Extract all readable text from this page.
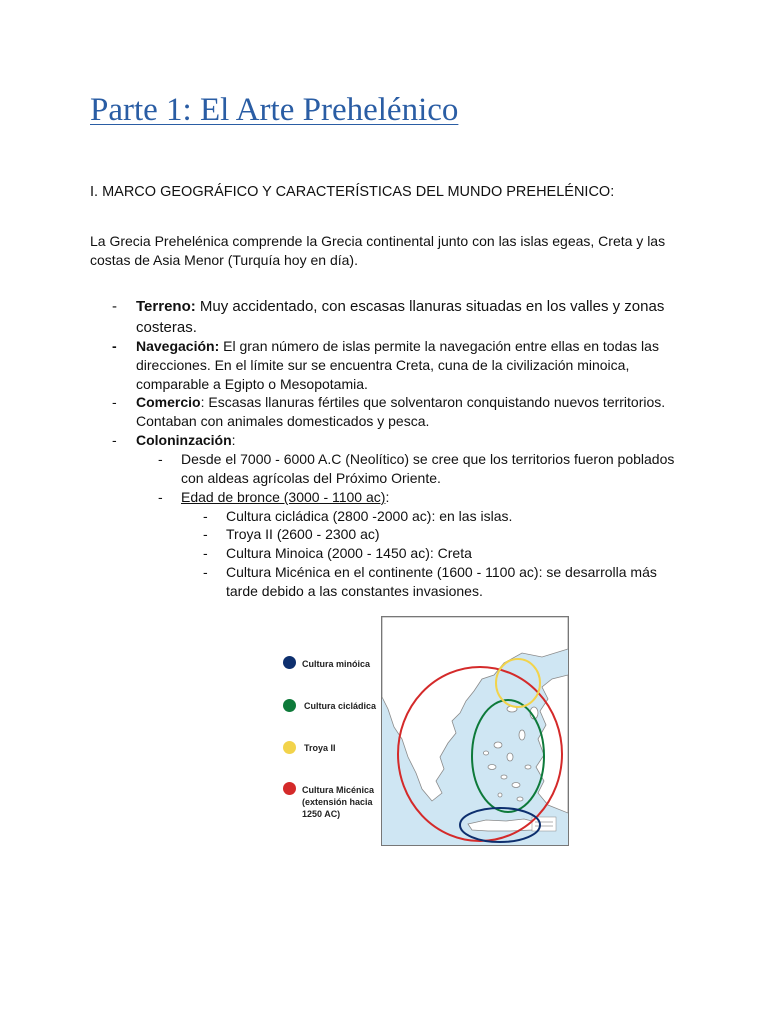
Parte 1: El Arte Prehelénico

I. MARCO GEOGRÁFICO Y CARACTERÍSTICAS DEL MUNDO PREHELÉNICO:

La Grecia Prehelénica comprende la Grecia continental junto con las islas egeas, Creta y las costas de Asia Menor (Turquía hoy en día).

- Terreno: Muy accidentado, con escasas llanuras situadas en los valles y zonas costeras.
- Navegación: El gran número de islas permite la navegación entre ellas en todas las direcciones. En el límite sur se encuentra Creta, cuna de la civilización minoica, comparable a Egipto o Mesopotamia.
- Comercio: Escasas llanuras fértiles que solventaron conquistando nuevos territorios. Contaban con animales domesticados y pesca.
- Coloninzación:
- Desde el 7000 - 6000 A.C (Neolítico) se cree que los territorios fueron poblados con aldeas agrícolas del Próximo Oriente.
- Edad de bronce (3000 - 1100 ac):
- Cultura cicládica (2800 -2000 ac): en las islas.
- Troya II (2600 - 2300 ac)
- Cultura Minoica (2000 - 1450 ac): Creta
- Cultura Micénica en el continente (1600 - 1100 ac): se desarrolla más tarde debido a las constantes invasiones.
Cultura minóica
Cultura cicládica
Troya II
Cultura Micénica (extensión hacia 1250 AC)
